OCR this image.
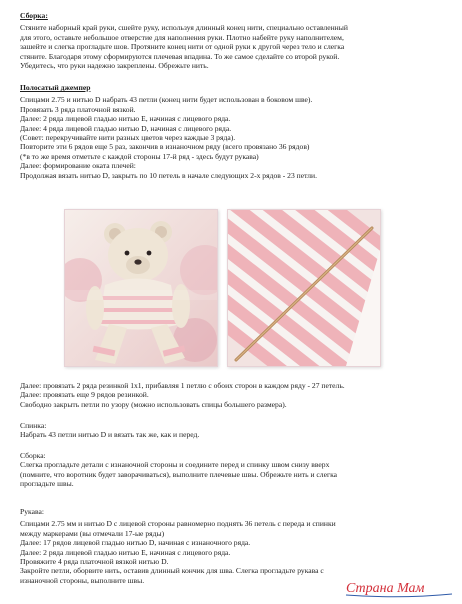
Сборка:
Стяните наборный край руки, сшейте руку, используя длинный конец нити, специально оставленный
для этого, оставьте небольшое отверстие для наполнения руки. Плотно набейте руку наполнителем,
зашейте и слегка прогладьте шов. Протяните конец нити от одной руки к другой через тело и слегка
стяните. Благодаря этому сформируются плечевая впадина. То же самое сделайте со второй рукой.
Убедитесь, что руки надежно закреплены. Обрежьте нить.
Полосатый джемпер
Спицами 2.75 и нитью D набрать 43 петли (конец нити будет использован в боковом шве).
Провязать 3 ряда платочной вязкой.
Далее: 2 ряда лицевой гладью нитью E, начиная с лицевого ряда.
Далее: 4 ряда лицевой гладью нитью D, начиная с лицевого ряда.
(Совет: перекручивайте нити разных цветов через каждые 3 ряда).
Повторите эти 6 рядов еще 5 раз, закончив в изнаночном ряду (всего провязано 36 рядов)
(*в то же время отметьте с каждой стороны 17-й ряд - здесь будут рукава)
Далее: формирование оката плечей:
Продолжая вязать нитью D, закрыть по 10 петель в начале следующих 2-х рядов - 23 петли.
Далее: провязать 2 ряда резинкой 1х1, прибавляя 1 петлю с обоих сторон в каждом ряду - 27 петель.
Далее: провязать еще 9 рядов резинкой.
Свободно закрыть петли по узору (можно использовать спицы большего размера).
Спинка:
Набрать 43 петли нитью D и вязать так же, как и перед.
Сборка:
Слегка прогладьте детали с изнаночной стороны и соедините перед и спинку швом снизу вверх
(помните, что воротник будет заворачиваться), выполните плечевые швы. Обрежьте нить и слегка
прогладьте швы.
Рукава:
Спицами 2.75 мм и нитью D с лицевой стороны равномерно поднять 36 петель с переда и спинки
между маркерами (вы отмечали 17-ые ряды)
Далее: 17 рядов лицевой гладью нитью D, начиная с изнаночного ряда.
Далее: 2 ряда лицевой гладью нитью E, начиная с лицевого ряда.
Провяжите 4 ряда платочной вязкой нитью D.
Закройте петли, оборвите нить, оставив длинный кончик для шва. Слегка прогладьте рукава с
изнаночной стороны, выполните швы.
Страна Мам
